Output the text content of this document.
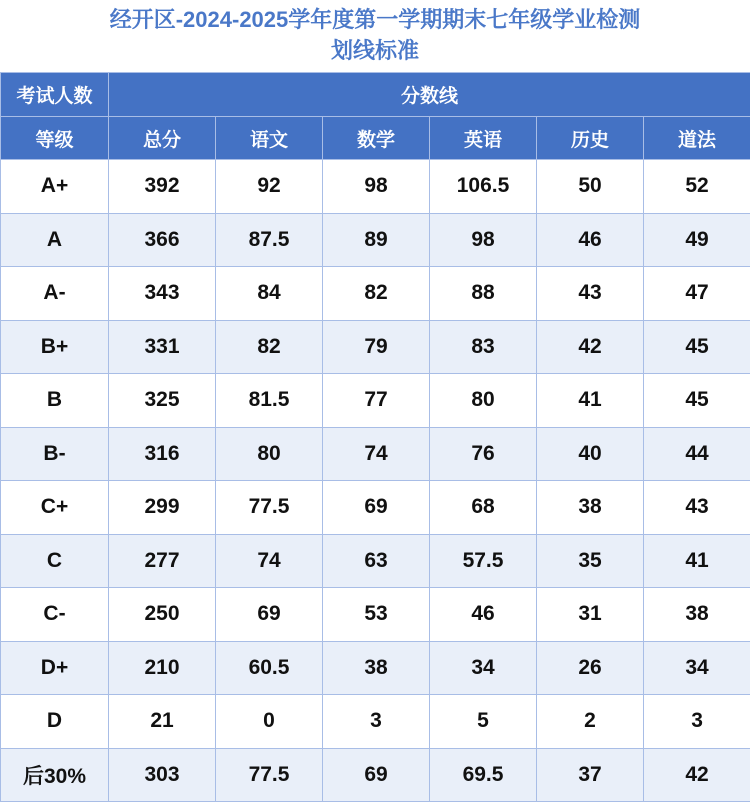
经开区-2024-2025学年度第一学期期末七年级学业检测
划线标准
考试人数	分数线					
等级	总分	语文	数学	英语	历史	道法
A+	392	92	98	106.5	50	52
A	366	87.5	89	98	46	49
A-	343	84	82	88	43	47
B+	331	82	79	83	42	45
B	325	81.5	77	80	41	45
B-	316	80	74	76	40	44
C+	299	77.5	69	68	38	43
C	277	74	63	57.5	35	41
C-	250	69	53	46	31	38
D+	210	60.5	38	34	26	34
D	21	0	3	5	2	3
后30%	303	77.5	69	69.5	37	42
